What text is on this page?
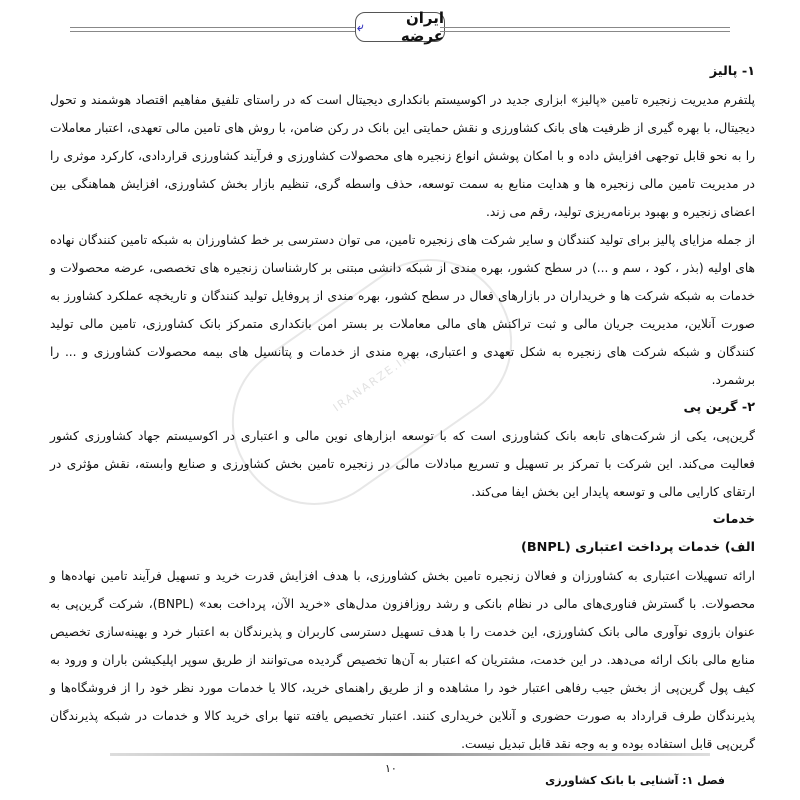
ایران عرضه
⤶
IRANARZE.IR

۱- پالیز

پلتفرم مدیریت زنجیره تامین «پالیز» ابزاری جدید در اکوسیستم بانکداری دیجیتال است که در راستای تلفیق مفاهیم اقتصاد هوشمند و تحول دیجیتال، با بهره گیری از ظرفیت های بانک کشاورزی و نقش حمایتی این بانک در رکن ضامن، با روش های تامین مالی تعهدی، اعتبار معاملات را به نحو قابل توجهی افزایش داده و با امکان پوشش انواع زنجیره های محصولات کشاورزی و فرآیند کشاورزی قراردادی، کارکرد موثری را در مدیریت تامین مالی زنجیره ها و هدایت منابع به سمت توسعه، حذف واسطه گری، تنظیم بازار بخش کشاورزی، افزایش هماهنگی بین اعضای زنجیره و بهبود برنامه‌ریزی تولید، رقم می زند.

از جمله مزایای پالیز برای تولید کنندگان و سایر شرکت های زنجیره تامین، می توان دسترسی بر خط کشاورزان به شبکه تامین کنندگان نهاده های اولیه (بذر ، کود ، سم و ...) در سطح کشور، بهره مندی از شبکه دانشی مبتنی بر کارشناسان زنجیره های تخصصی، عرضه محصولات و خدمات به شبکه شرکت ها و خریداران در بازارهای فعال در سطح کشور، بهره مندی از پروفایل تولید کنندگان و تاریخچه عملکرد کشاورز به صورت آنلاین، مدیریت جریان مالی و ثبت تراکنش های مالی معاملات بر بستر امن بانکداری متمرکز بانک کشاورزی، تامین مالی تولید کنندگان و شبکه شرکت های زنجیره به شکل تعهدی و اعتباری، بهره مندی از خدمات و پتانسیل های بیمه محصولات کشاورزی و ... را برشمرد.

۲- گرین پی

گرین‌پی، یکی از شرکت‌های تابعه بانک کشاورزی است که با توسعه ابزارهای نوین مالی و اعتباری در اکوسیستم جهاد کشاورزی کشور فعالیت می‌کند. این شرکت با تمرکز بر تسهیل و تسریع مبادلات مالی در زنجیره تامین بخش کشاورزی و صنایع وابسته، نقش مؤثری در ارتقای کارایی مالی و توسعه پایدار این بخش ایفا می‌کند.

خدمات

الف) خدمات پرداخت اعتباری (BNPL)

ارائه تسهیلات اعتباری به کشاورزان و فعالان زنجیره تامین بخش کشاورزی، با هدف افزایش قدرت خرید و تسهیل فرآیند تامین نهاده‌ها و محصولات. با گسترش فناوری‌های مالی در نظام بانکی و رشد روزافزون مدل‌های «خرید الآن، پرداخت بعد» (BNPL)، شرکت گرین‌پی به عنوان بازوی نوآوری مالی بانک کشاورزی، این خدمت را با هدف تسهیل دسترسی کاربران و پذیرندگان به اعتبار خرد و بهینه‌سازی تخصیص منابع مالی بانک ارائه می‌دهد. در این خدمت، مشتریان که اعتبار به آن‌ها تخصیص گردیده می‌توانند از طریق سوپر اپلیکیشن باران و ورود به کیف پول گرین‌پی از بخش جیب رفاهی اعتبار خود را مشاهده و از طریق راهنمای خرید، کالا یا خدمات مورد نظر خود را از فروشگاه‌ها و پذیرندگان طرف قرارداد به صورت حضوری و آنلاین خریداری کنند. اعتبار تخصیص یافته تنها برای خرید کالا و خدمات در شبکه پذیرندگان گرین‌پی قابل استفاده بوده و به وجه نقد قابل تبدیل نیست.

۱۰
فصل ۱: آشنایی با بانک کشاورزی
